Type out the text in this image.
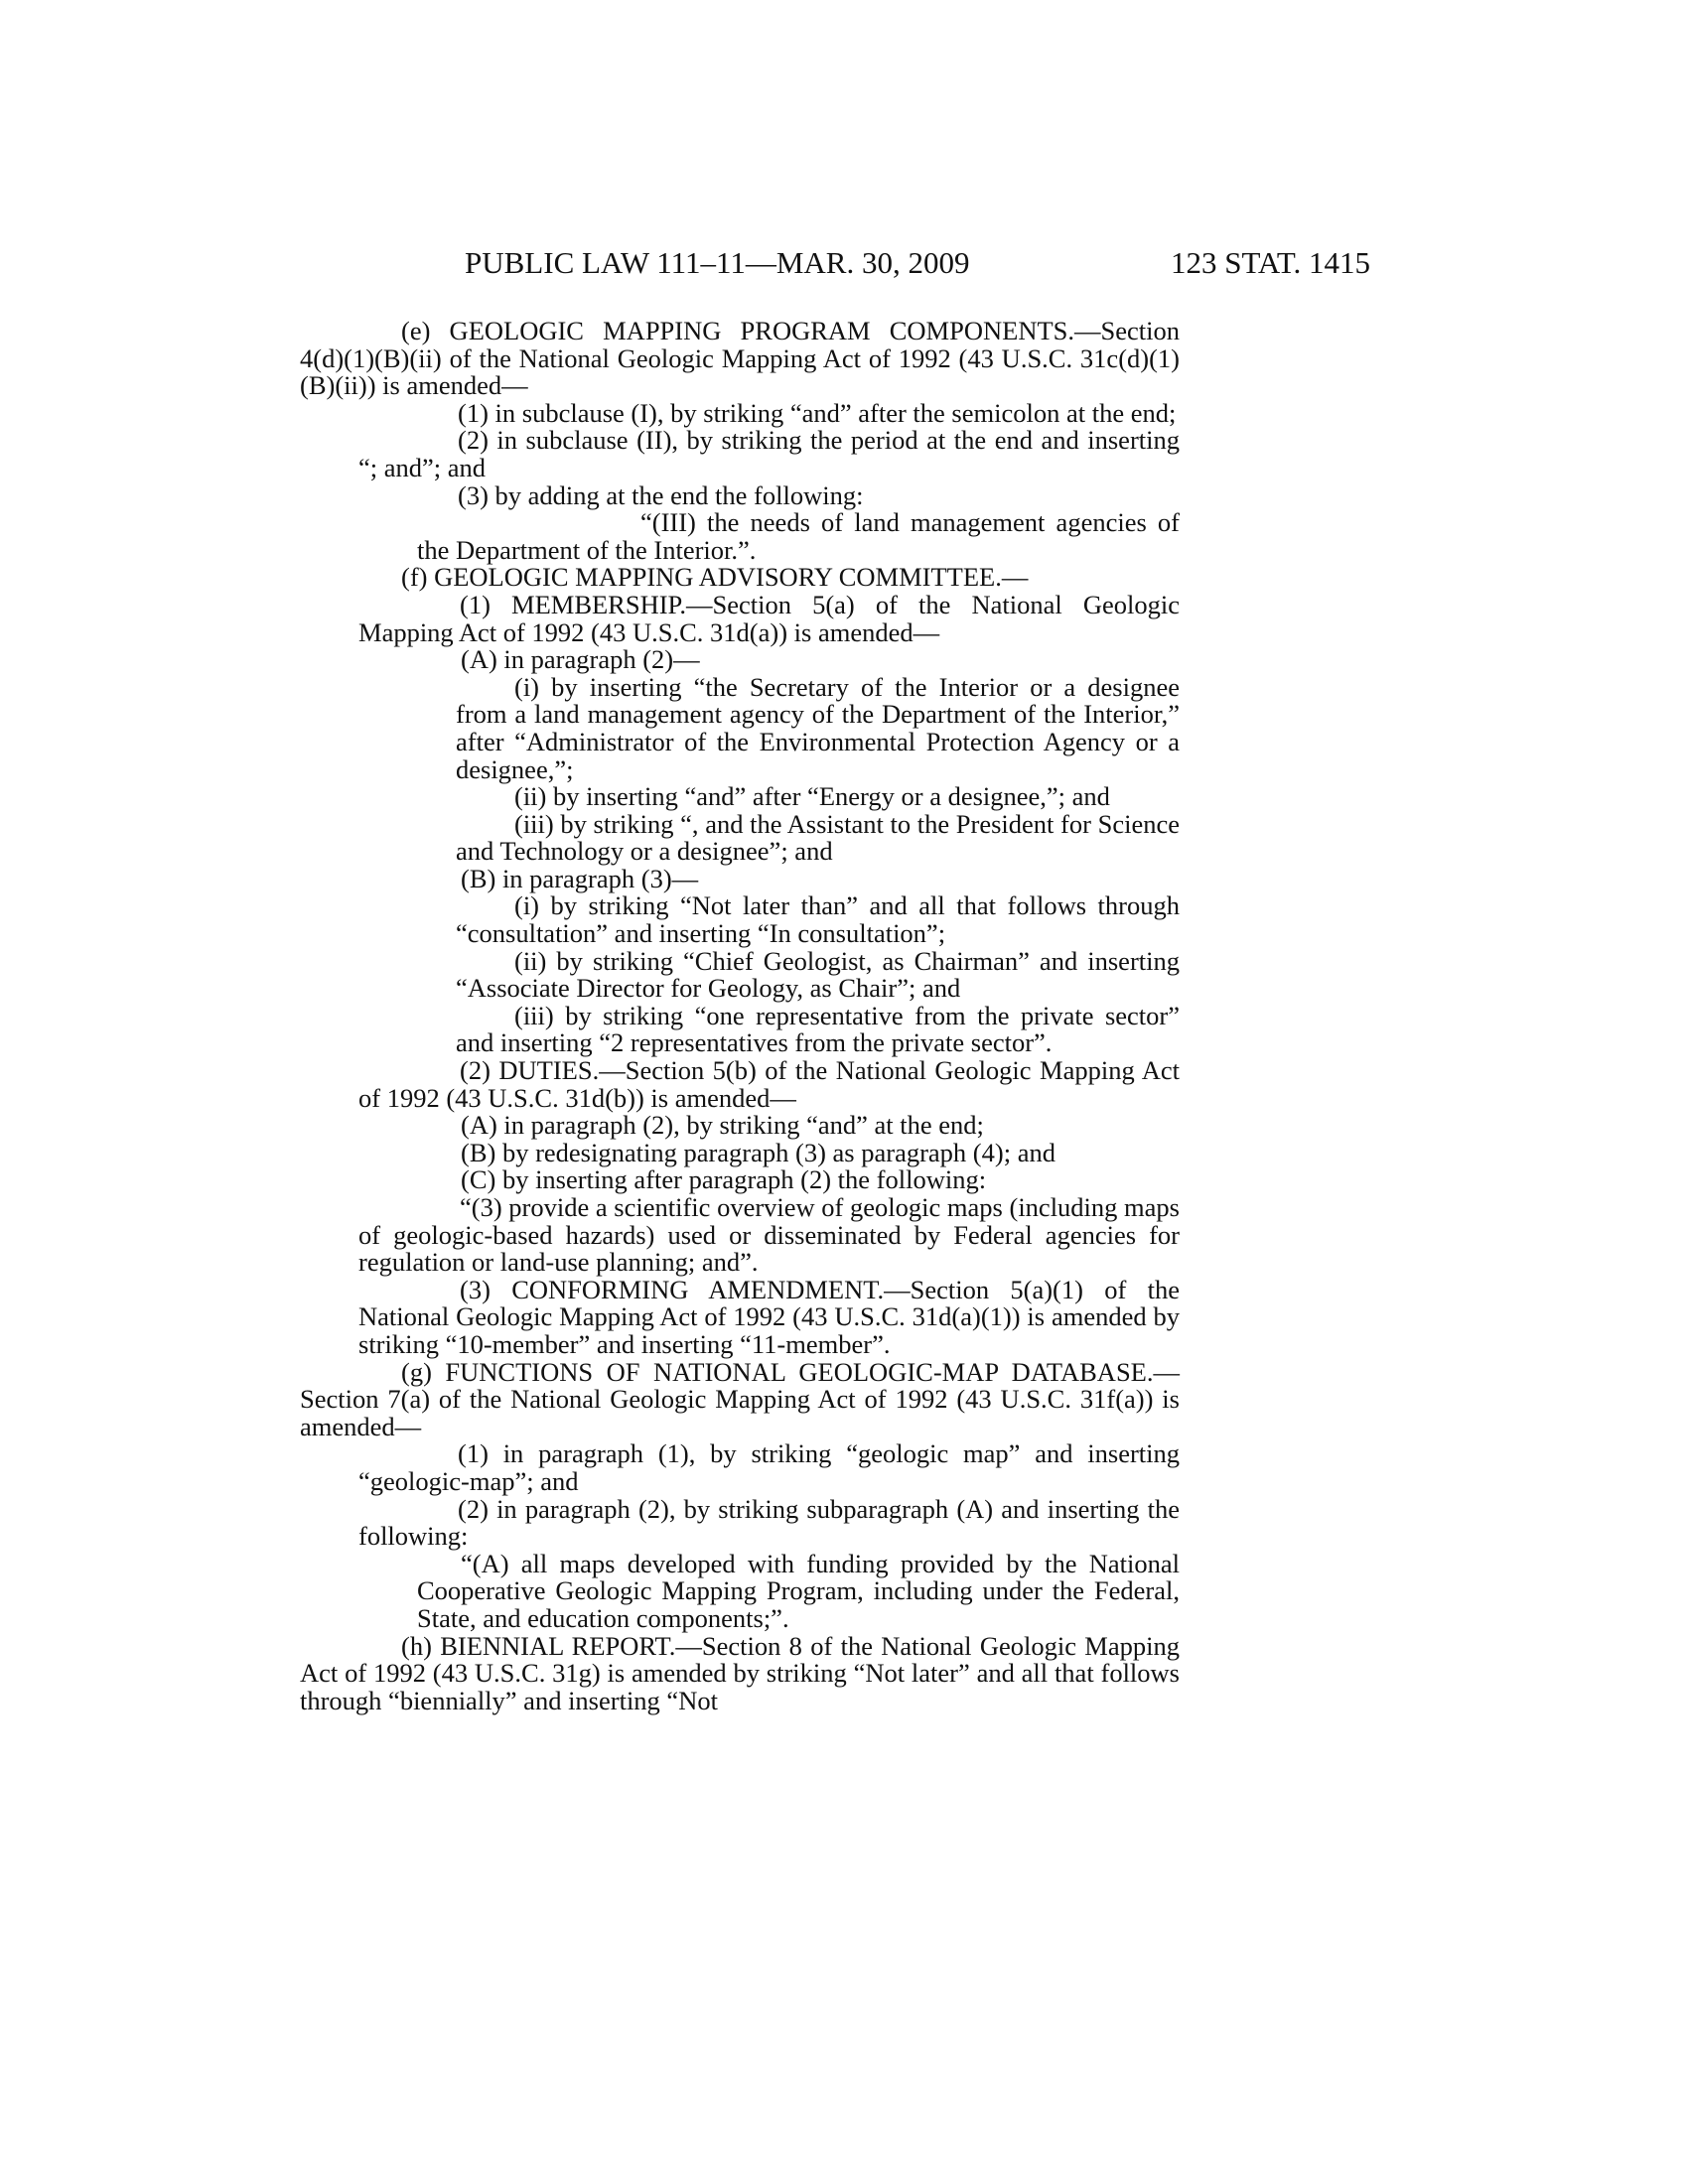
PUBLIC LAW 111–11—MAR. 30, 2009	123 STAT. 1415

(e) GEOLOGIC MAPPING PROGRAM COMPONENTS.—Section 4(d)(1)(B)(ii) of the National Geologic Mapping Act of 1992 (43 U.S.C. 31c(d)(1)(B)(ii)) is amended—

(1) in subclause (I), by striking “and” after the semicolon at the end;

(2) in subclause (II), by striking the period at the end and inserting “; and”; and

(3) by adding at the end the following:

“(III) the needs of land management agencies of the Department of the Interior.”.

(f) GEOLOGIC MAPPING ADVISORY COMMITTEE.—

(1) MEMBERSHIP.—Section 5(a) of the National Geologic Mapping Act of 1992 (43 U.S.C. 31d(a)) is amended—

(A) in paragraph (2)—

(i) by inserting “the Secretary of the Interior or a designee from a land management agency of the Department of the Interior,” after “Administrator of the Environmental Protection Agency or a designee,”;

(ii) by inserting “and” after “Energy or a designee,”; and

(iii) by striking “, and the Assistant to the President for Science and Technology or a designee”; and

(B) in paragraph (3)—

(i) by striking “Not later than” and all that follows through “consultation” and inserting “In consultation”;

(ii) by striking “Chief Geologist, as Chairman” and inserting “Associate Director for Geology, as Chair”; and

(iii) by striking “one representative from the private sector” and inserting “2 representatives from the private sector”.

(2) DUTIES.—Section 5(b) of the National Geologic Mapping Act of 1992 (43 U.S.C. 31d(b)) is amended—

(A) in paragraph (2), by striking “and” at the end;

(B) by redesignating paragraph (3) as paragraph (4); and

(C) by inserting after paragraph (2) the following:

“(3) provide a scientific overview of geologic maps (including maps of geologic-based hazards) used or disseminated by Federal agencies for regulation or land-use planning; and”.

(3) CONFORMING AMENDMENT.—Section 5(a)(1) of the National Geologic Mapping Act of 1992 (43 U.S.C. 31d(a)(1)) is amended by striking “10-member” and inserting “11-member”.

(g) FUNCTIONS OF NATIONAL GEOLOGIC-MAP DATABASE.—Section 7(a) of the National Geologic Mapping Act of 1992 (43 U.S.C. 31f(a)) is amended—

(1) in paragraph (1), by striking “geologic map” and inserting “geologic-map”; and

(2) in paragraph (2), by striking subparagraph (A) and inserting the following:

“(A) all maps developed with funding provided by the National Cooperative Geologic Mapping Program, including under the Federal, State, and education components;”.

(h) BIENNIAL REPORT.—Section 8 of the National Geologic Mapping Act of 1992 (43 U.S.C. 31g) is amended by striking “Not later” and all that follows through “biennially” and inserting “Not
